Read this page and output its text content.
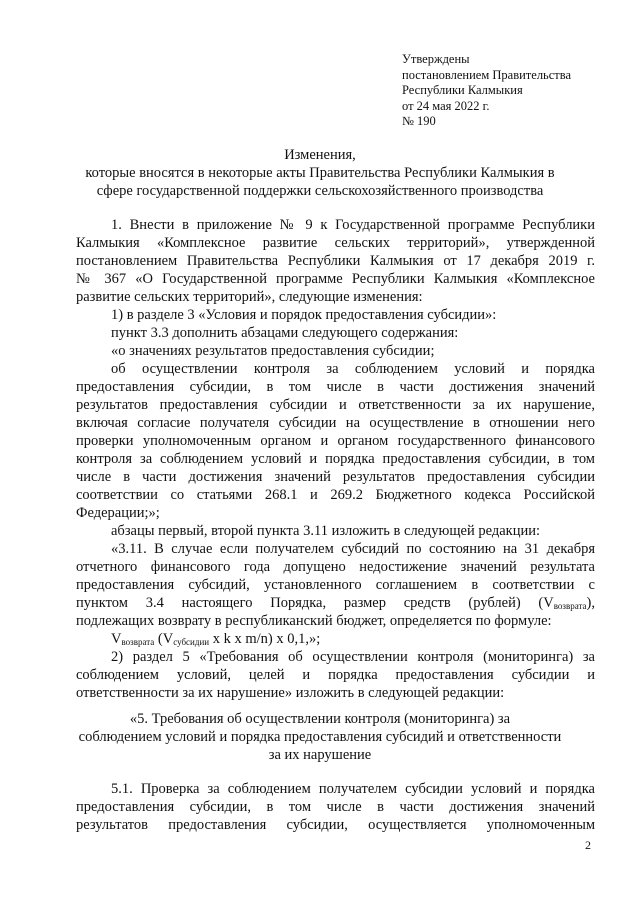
Утверждены
постановлением Правительства
Республики Калмыкия
от 24 мая 2022 г.
№ 190
Изменения,
которые вносятся в некоторые акты Правительства Республики Калмыкия в
сфере государственной поддержки сельскохозяйственного производства
1. Внести в приложение № 9 к Государственной программе Республики
Калмыкия «Комплексное развитие сельских территорий», утвержденной
постановлением Правительства Республики Калмыкия от 17 декабря 2019 г.
№ 367 «О Государственной программе Республики Калмыкия «Комплексное
развитие сельских территорий», следующие изменения:
1) в разделе 3 «Условия и порядок предоставления субсидии»:
пункт 3.3 дополнить абзацами следующего содержания:
«о значениях результатов предоставления субсидии;
об осуществлении контроля за соблюдением условий и порядка
предоставления субсидии, в том числе в части достижения значений
результатов предоставления субсидии и ответственности за их нарушение,
включая согласие получателя субсидии на осуществление в отношении него
проверки уполномоченным органом и органом государственного финансового
контроля за соблюдением условий и порядка предоставления субсидии, в том
числе в части достижения значений результатов предоставления субсидии
соответствии со статьями 268.1 и 269.2 Бюджетного кодекса Российской
Федерации;»;
абзацы первый, второй пункта 3.11 изложить в следующей редакции:
«3.11. В случае если получателем субсидий по состоянию на 31 декабря
отчетного финансового года допущено недостижение значений результата
предоставления субсидий, установленного соглашением в соответствии с
пунктом 3.4 настоящего Порядка, размер средств (рублей) $(V_{возврата})$,
подлежащих возврату в республиканский бюджет, определяется по формуле:
$V_{возврата}$ ($V_{субсидии}$ x k x m/n) x 0,1,»;
2) раздел 5 «Требования об осуществлении контроля (мониторинга) за
соблюдением условий, целей и порядка предоставления субсидии и
ответственности за их нарушение» изложить в следующей редакции:
«5. Требования об осуществлении контроля (мониторинга) за
соблюдением условий и порядка предоставления субсидий и ответственности
за их нарушение
5.1. Проверка за соблюдением получателем субсидии условий и порядка
предоставления субсидии, в том числе в части достижения значений
результатов предоставления субсидии, осуществляется уполномоченным
2
